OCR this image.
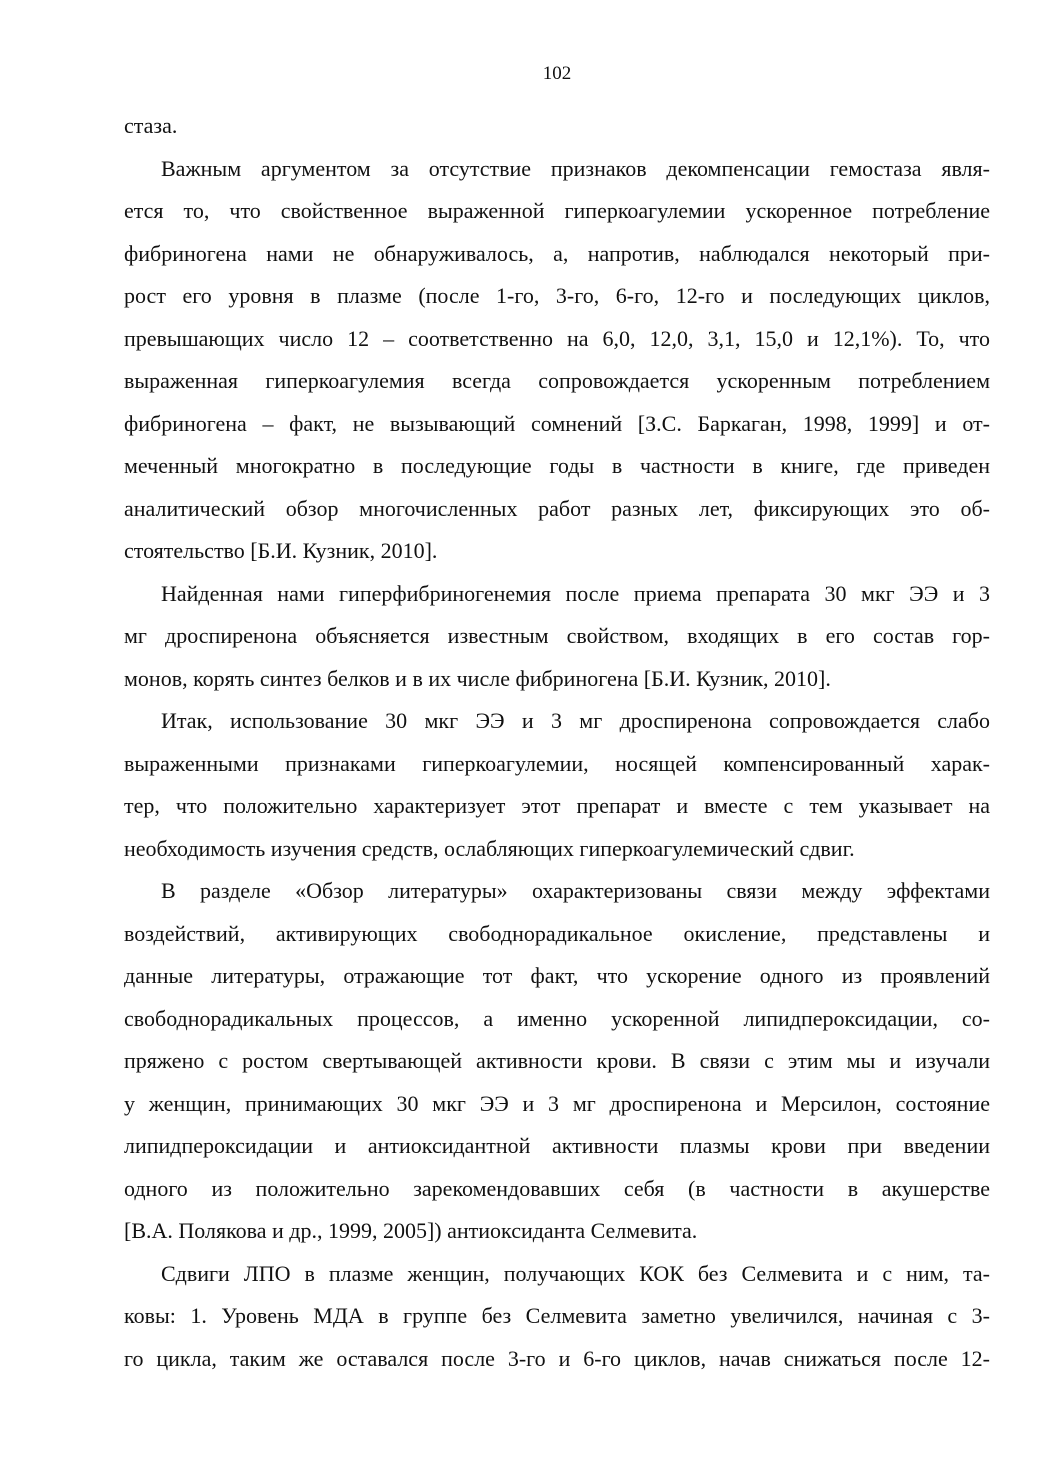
102
стаза.
Важным аргументом за отсутствие признаков декомпенсации гемостаза явля-
ется то, что свойственное выраженной гиперкоагулемии ускоренное потребление
фибриногена нами не обнаруживалось, а, напротив, наблюдался некоторый при-
рост его уровня в плазме (после 1-го, 3-го, 6-го, 12-го и последующих циклов,
превышающих число 12 – соответственно на 6,0, 12,0, 3,1, 15,0 и 12,1%). То, что
выраженная гиперкоагулемия всегда сопровождается ускоренным потреблением
фибриногена – факт, не вызывающий сомнений [З.С. Баркаган, 1998, 1999] и от-
меченный многократно в последующие годы в частности в книге, где приведен
аналитический обзор многочисленных работ разных лет, фиксирующих это об-
стоятельство [Б.И. Кузник, 2010].
Найденная нами гиперфибриногенемия после приема препарата 30 мкг ЭЭ и 3
мг дроспиренона объясняется известным свойством, входящих в его состав гор-
монов, корять синтез белков и в их числе фибриногена [Б.И. Кузник, 2010].
Итак, использование 30 мкг ЭЭ и 3 мг дроспиренона сопровождается слабо
выраженными признаками гиперкоагулемии, носящей компенсированный харак-
тер, что положительно характеризует этот препарат и вместе с тем указывает на
необходимость изучения средств, ослабляющих гиперкоагулемический сдвиг.
В разделе «Обзор литературы» охарактеризованы связи между эффектами
воздействий, активирующих свободнорадикальное окисление, представлены и
данные литературы, отражающие тот факт, что ускорение одного из проявлений
свободнорадикальных процессов, а именно ускоренной липидпероксидации, со-
пряжено с ростом свертывающей активности крови. В связи с этим мы и изучали
у женщин, принимающих 30 мкг ЭЭ и 3 мг дроспиренона и Мерсилон, состояние
липидпероксидации и антиоксидантной активности плазмы крови при введении
одного из положительно зарекомендовавших себя (в частности в акушерстве
[В.А. Полякова и др., 1999, 2005]) антиоксиданта Селмевита.
Сдвиги ЛПО в плазме женщин, получающих КОК без Селмевита и с ним, та-
ковы: 1. Уровень МДА в группе без Селмевита заметно увеличился, начиная с 3-
го цикла, таким же оставался после 3-го и 6-го циклов, начав снижаться после 12-
